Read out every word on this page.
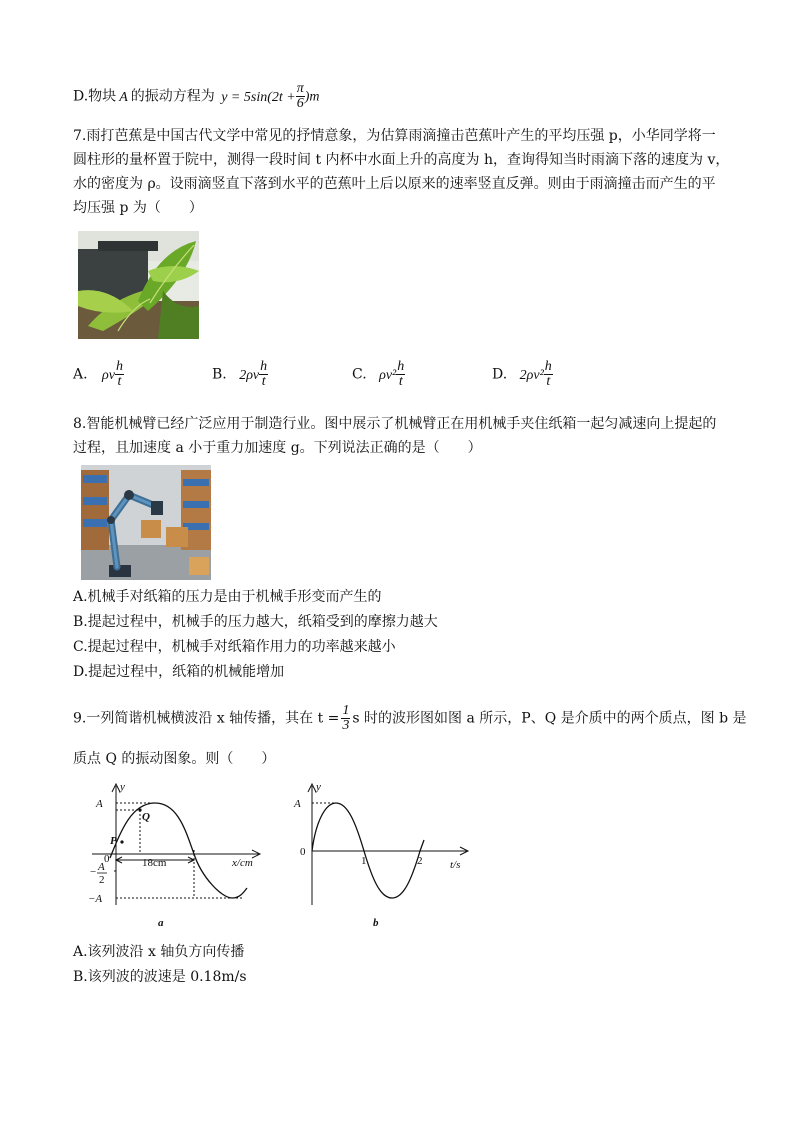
D.物块 A 的振动方程为 $y = 5\sin(2t + \frac{\pi}{6} )m$
7.雨打芭蕉是中国古代文学中常见的抒情意象，为估算雨滴撞击芭蕉叶产生的平均压强 p，小华同学将一
圆柱形的量杯置于院中，测得一段时间 t 内杯中水面上升的高度为 h，查询得知当时雨滴下落的速度为 v，
水的密度为 ρ。设雨滴竖直下落到水平的芭蕉叶上后以原来的速率竖直反弹。则由于雨滴撞击而产生的平
均压强 p 为（　　）
A. ρv $\frac{h}{t}$	B. $2\rho v \frac{h}{t}$	C. $\rho v^2 \frac{h}{t}$	D. $2\rho v^2 \frac{h}{t}$
8.智能机械臂已经广泛应用于制造行业。图中展示了机械臂正在用机械手夹住纸箱一起匀减速向上提起的
过程，且加速度 a 小于重力加速度 g。下列说法正确的是（　　）
A.机械手对纸箱的压力是由于机械手形变而产生的
B.提起过程中，机械手的压力越大，纸箱受到的摩擦力越大
C.提起过程中，机械手对纸箱作用力的功率越来越小
D.提起过程中，纸箱的机械能增加
9.一列简谐机械横波沿 x 轴传播，其在 $t = \frac{1}{3}$ s 时的波形图如图 a 所示，P、Q 是介质中的两个质点，图 b 是
质点 Q 的振动图象。则（　　）
y
A
Q
P
0	18cm	x/cm
− A
2
−A
a
y
A
0
1	2	t/s
b
A.该列波沿 x 轴负方向传播
B.该列波的波速是 0.18m/s
